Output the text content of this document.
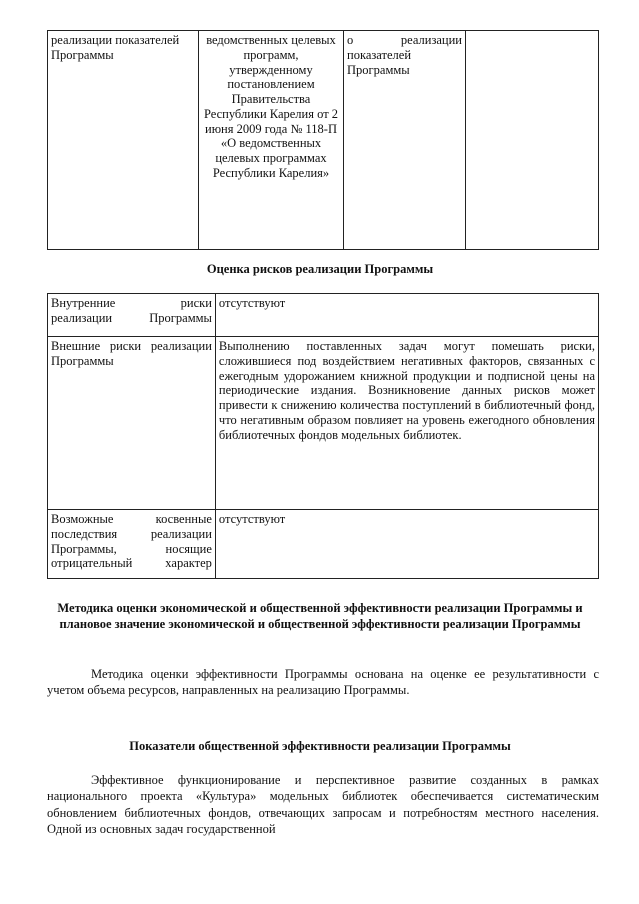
реализации показателей Программы	ведомственных целевых программ, утвержденному постановлением Правительства Республики Карелия от 2 июня 2009 года № 118-П «О ведомственных целевых программах Республики Карелия»	о реализации показателей Программы	
Оценка рисков реализации Программы
Внутренние риски реализации Программы	отсутствуют
Внешние риски реализации Программы	Выполнению поставленных задач могут помешать риски, сложившиеся под воздействием негативных факторов, связанных с ежегодным удорожанием книжной продукции и подписной цены на периодические издания. Возникновение данных рисков может привести к снижению количества поступлений в библиотечный фонд, что негативным образом повлияет на уровень ежегодного обновления библиотечных фондов модельных библиотек.
Возможные косвенные последствия реализации Программы, носящие отрицательный характер	отсутствуют
Методика оценки экономической и общественной эффективности реализации Программы и плановое значение экономической и общественной эффективности реализации Программы

Методика оценки эффективности Программы основана на оценке ее результативности с учетом объема ресурсов, направленных на реализацию Программы.

Показатели общественной эффективности реализации Программы

Эффективное функционирование и перспективное развитие созданных в рамках национального проекта «Культура» модельных библиотек обеспечивается систематическим обновлением библиотечных фондов, отвечающих запросам и потребностям местного населения. Одной из основных задач государственной
